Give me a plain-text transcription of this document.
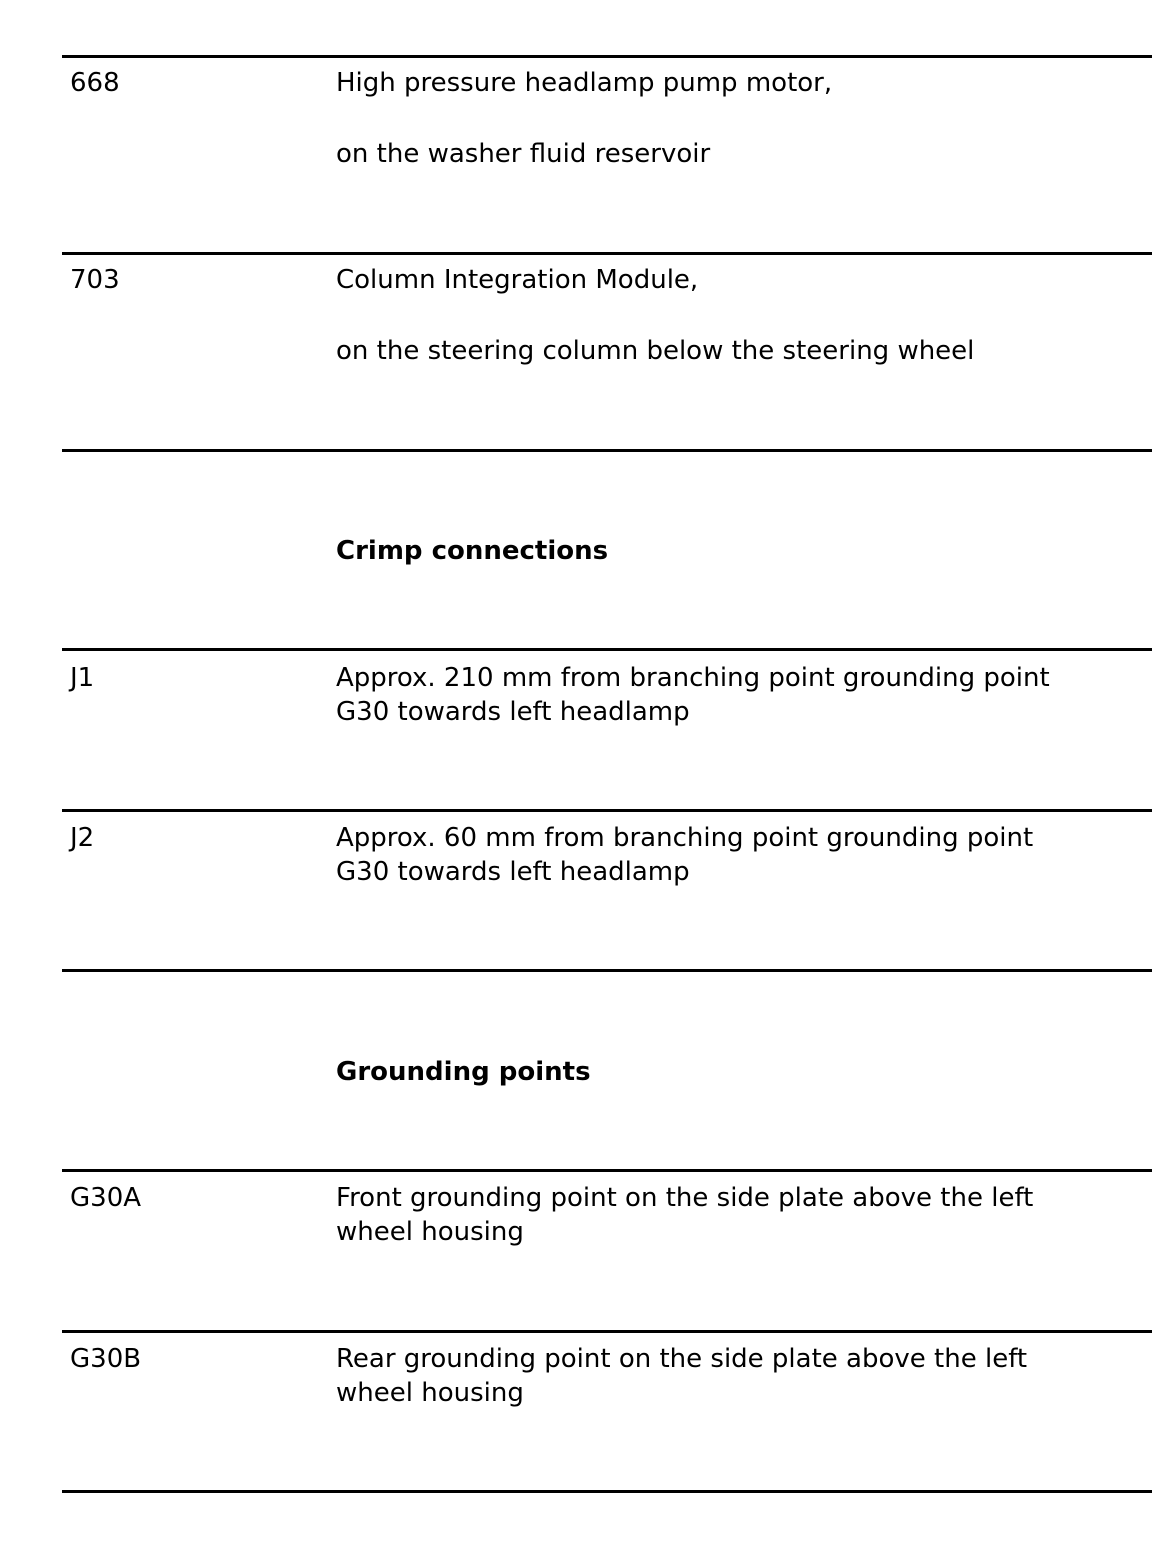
668	High pressure headlamp pump motor,
on the washer fluid reservoir
703	Column Integration Module,
on the steering column below the steering wheel
Crimp connections
J1	Approx. 210 mm from branching point grounding point
G30 towards left headlamp
J2	Approx. 60 mm from branching point grounding point
G30 towards left headlamp
Grounding points
G30A	Front grounding point on the side plate above the left
wheel housing
G30B	Rear grounding point on the side plate above the left
wheel housing
